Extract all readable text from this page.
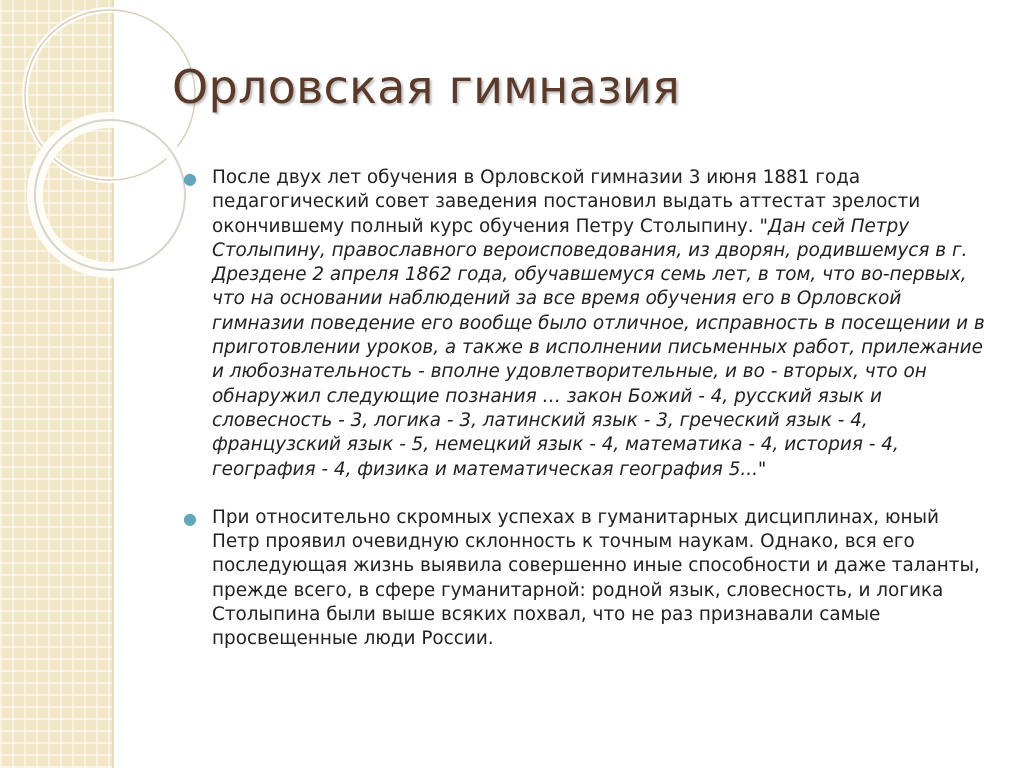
Орловская гимназия
● После двух лет обучения в Орловской гимназии 3 июня 1881 года педагогический совет заведения постановил выдать аттестат зрелости окончившему полный курс обучения Петру Столыпину. "Дан сей Петру Столыпину, православного вероисповедования, из дворян, родившемуся в г. Дрездене 2 апреля 1862 года, обучавшемуся семь лет, в том, что во-первых, что на основании наблюдений за все время обучения его в Орловской гимназии поведение его вообще было отличное, исправность в посещении и в приготовлении уроков, а также в исполнении письменных работ, прилежание и любознательность - вполне удовлетворительные, и во - вторых, что он обнаружил следующие познания … закон Божий - 4, русский язык и словесность - 3, логика - 3, латинский язык - 3, греческий язык - 4, французский язык - 5, немецкий язык - 4, математика - 4, история - 4, география - 4, физика и математическая география 5..."
● При относительно скромных успехах в гуманитарных дисциплинах, юный Петр проявил очевидную склонность к точным наукам. Однако, вся его последующая жизнь выявила совершенно иные способности и даже таланты, прежде всего, в сфере гуманитарной: родной язык, словесность, и логика Столыпина были выше всяких похвал, что не раз признавали самые просвещенные люди России.
